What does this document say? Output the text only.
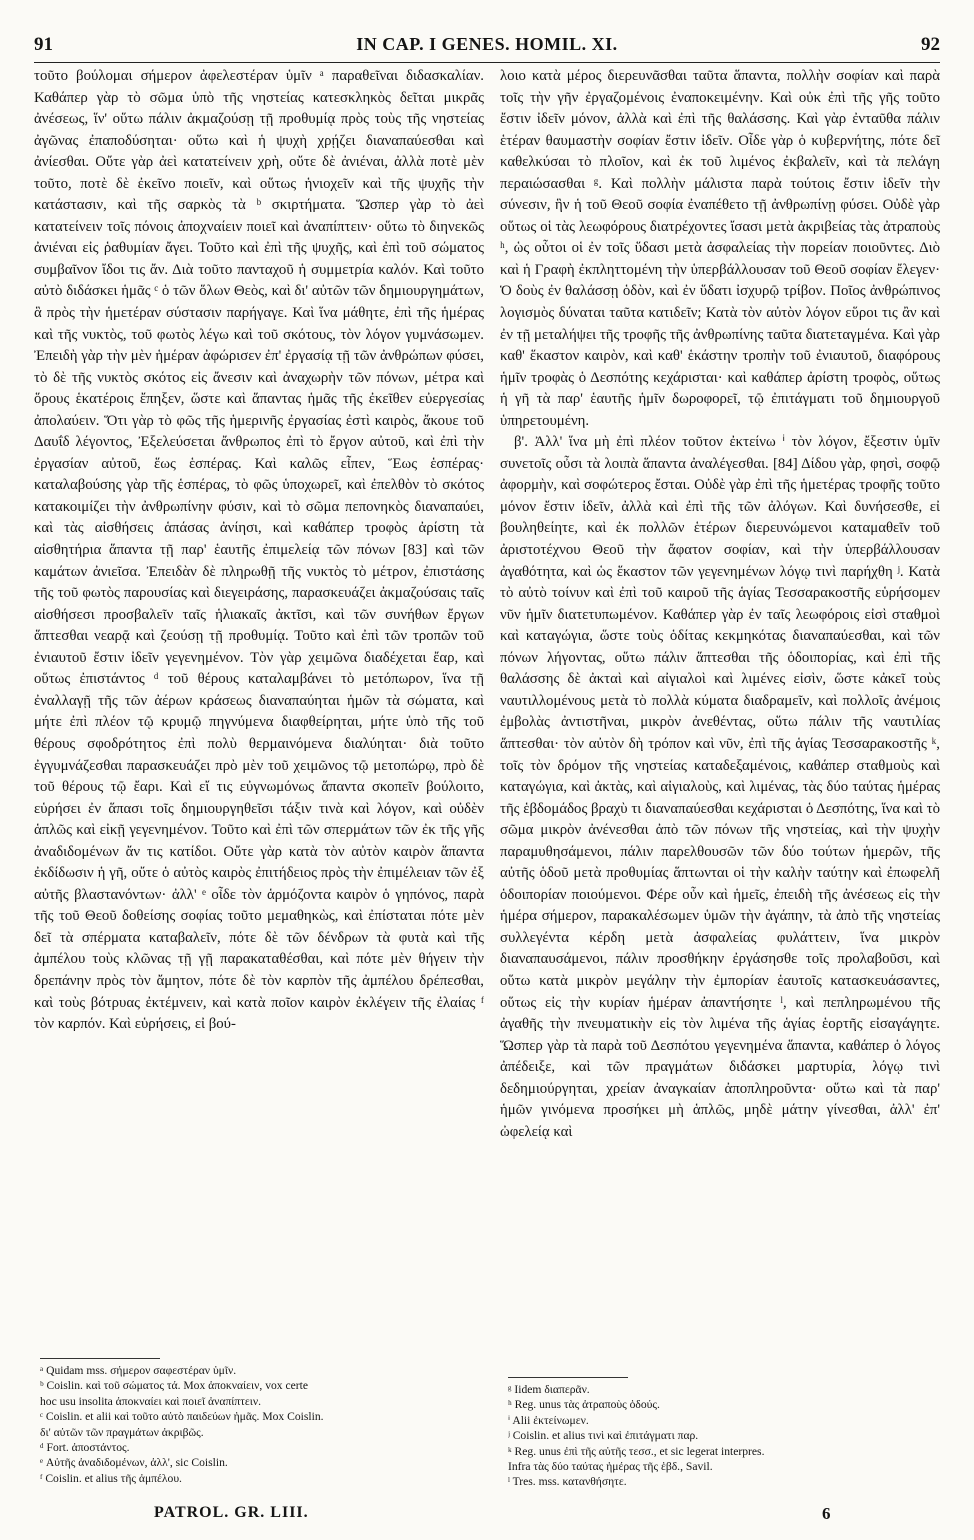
91	IN CAP. I GENES. HOMIL. XI.	92

τοῦτο βούλομαι σήμερον ἀφελεστέραν ὑμῖν ᵃ παραθεῖναι διδασκαλίαν. Καθάπερ γὰρ τὸ σῶμα ὑπὸ τῆς νηστείας κατεσκληκὸς δεῖται μικρᾶς ἀνέσεως, ἵν' οὕτω πάλιν ἀκμαζούσῃ τῇ προθυμίᾳ πρὸς τοὺς τῆς νηστείας ἀγῶνας ἐπαποδύσηται· οὕτω καὶ ἡ ψυχὴ χρῄζει διαναπαύεσθαι καὶ ἀνίεσθαι. Οὔτε γὰρ ἀεὶ κατατείνειν χρὴ, οὔτε δὲ ἀνιέναι, ἀλλὰ ποτὲ μὲν τοῦτο, ποτὲ δὲ ἐκεῖνο ποιεῖν, καὶ οὕτως ἡνιοχεῖν καὶ τῆς ψυχῆς τὴν κατάστασιν, καὶ τῆς σαρκὸς τὰ ᵇ σκιρτήματα. Ὥσπερ γὰρ τὸ ἀεὶ κατατείνειν τοῖς πόνοις ἀποχναίειν ποιεῖ καὶ ἀναπίπτειν· οὕτω τὸ διηνεκῶς ἀνιέναι εἰς ῥαθυμίαν ἄγει. Τοῦτο καὶ ἐπὶ τῆς ψυχῆς, καὶ ἐπὶ τοῦ σώματος συμβαῖνον ἴδοι τις ἄν. Διὰ τοῦτο πανταχοῦ ἡ συμμετρία καλόν. Καὶ τοῦτο αὐτὸ διδάσκει ἡμᾶς ᶜ ὁ τῶν ὅλων Θεὸς, καὶ δι' αὐτῶν τῶν δημιουργημάτων, ἃ πρὸς τὴν ἡμετέραν σύστασιν παρήγαγε. Καὶ ἵνα μάθητε, ἐπὶ τῆς ἡμέρας καὶ τῆς νυκτὸς, τοῦ φωτὸς λέγω καὶ τοῦ σκότους, τὸν λόγον γυμνάσωμεν. Ἐπειδὴ γὰρ τὴν μὲν ἡμέραν ἀφώρισεν ἐπ' ἐργασίᾳ τῇ τῶν ἀνθρώπων φύσει, τὸ δὲ τῆς νυκτὸς σκότος εἰς ἄνεσιν καὶ ἀναχωρὴν τῶν πόνων, μέτρα καὶ ὅρους ἑκατέροις ἔπηξεν, ὥστε καὶ ἅπαντας ἡμᾶς τῆς ἐκεῖθεν εὐεργεσίας ἀπολαύειν. Ὅτι γὰρ τὸ φῶς τῆς ἡμερινῆς ἐργασίας ἐστὶ καιρὸς, ἄκουε τοῦ Δαυΐδ λέγοντος, Ἐξελεύσεται ἄνθρωπος ἐπὶ τὸ ἔργον αὐτοῦ, καὶ ἐπὶ τὴν ἐργασίαν αὐτοῦ, ἕως ἑσπέρας. Καὶ καλῶς εἶπεν, Ἕως ἑσπέρας· καταλαβούσης γὰρ τῆς ἑσπέρας, τὸ φῶς ὑποχωρεῖ, καὶ ἐπελθὸν τὸ σκότος κατακοιμίζει τὴν ἀνθρωπίνην φύσιν, καὶ τὸ σῶμα πεπονηκὸς διαναπαύει, καὶ τὰς αἰσθήσεις ἁπάσας ἀνίησι, καὶ καθάπερ τροφὸς ἀρίστη τὰ αἰσθητήρια ἅπαντα τῇ παρ' ἑαυτῆς ἐπιμελείᾳ τῶν πόνων [83] καὶ τῶν καμάτων ἀνιεῖσα. Ἐπειδὰν δὲ πληρωθῇ τῆς νυκτὸς τὸ μέτρον, ἐπιστάσης τῆς τοῦ φωτὸς παρουσίας καὶ διεγειράσης, παρασκευάζει ἀκμαζούσαις ταῖς αἰσθήσεσι προσβαλεῖν ταῖς ἡλιακαῖς ἀκτῖσι, καὶ τῶν συνήθων ἔργων ἅπτεσθαι νεαρᾷ καὶ ζεούσῃ τῇ προθυμίᾳ. Τοῦτο καὶ ἐπὶ τῶν τροπῶν τοῦ ἐνιαυτοῦ ἔστιν ἰδεῖν γεγενημένον. Τὸν γὰρ χειμῶνα διαδέχεται ἔαρ, καὶ οὕτως ἐπιστάντος ᵈ τοῦ θέρους καταλαμβάνει τὸ μετόπωρον, ἵνα τῇ ἐναλλαγῇ τῆς τῶν ἀέρων κράσεως διαναπαύηται ἡμῶν τὰ σώματα, καὶ μήτε ἐπὶ πλέον τῷ κρυμῷ πηγνύμενα διαφθείρηται, μήτε ὑπὸ τῆς τοῦ θέρους σφοδρότητος ἐπὶ πολὺ θερμαινόμενα διαλύηται· διὰ τοῦτο ἐγγυμνάζεσθαι παρασκευάζει πρὸ μὲν τοῦ χειμῶνος τῷ μετοπώρῳ, πρὸ δὲ τοῦ θέρους τῷ ἔαρι. Καὶ εἴ τις εὐγνωμόνως ἅπαντα σκοπεῖν βούλοιτο, εὑρήσει ἐν ἅπασι τοῖς δημιουργηθεῖσι τάξιν τινὰ καὶ λόγον, καὶ οὐδὲν ἁπλῶς καὶ εἰκῇ γεγενημένον. Τοῦτο καὶ ἐπὶ τῶν σπερμάτων τῶν ἐκ τῆς γῆς ἀναδιδομένων ἄν τις κατίδοι. Οὔτε γὰρ κατὰ τὸν αὐτὸν καιρὸν ἅπαντα ἐκδίδωσιν ἡ γῆ, οὔτε ὁ αὐτὸς καιρὸς ἐπιτήδειος πρὸς τὴν ἐπιμέλειαν τῶν ἐξ αὐτῆς βλαστανόντων· ἀλλ' ᵉ οἶδε τὸν ἁρμόζοντα καιρὸν ὁ γηπόνος, παρὰ τῆς τοῦ Θεοῦ δοθείσης σοφίας τοῦτο μεμαθηκὼς, καὶ ἐπίσταται πότε μὲν δεῖ τὰ σπέρματα καταβαλεῖν, πότε δὲ τῶν δένδρων τὰ φυτὰ καὶ τῆς ἀμπέλου τοὺς κλῶνας τῇ γῇ παρακαταθέσθαι, καὶ πότε μὲν θήγειν τὴν δρεπάνην πρὸς τὸν ἄμητον, πότε δὲ τὸν καρπὸν τῆς ἀμπέλου δρέπεσθαι, καὶ τοὺς βότρυας ἐκτέμνειν, καὶ κατὰ ποῖον καιρὸν ἐκλέγειν τῆς ἐλαίας ᶠ τὸν καρπόν. Καὶ εὑρήσεις, εἰ βού-

λοιο κατὰ μέρος διερευνᾶσθαι ταῦτα ἅπαντα, πολλὴν σοφίαν καὶ παρὰ τοῖς τὴν γῆν ἐργαζομένοις ἐναποκειμένην. Καὶ οὐκ ἐπὶ τῆς γῆς τοῦτο ἔστιν ἰδεῖν μόνον, ἀλλὰ καὶ ἐπὶ τῆς θαλάσσης. Καὶ γὰρ ἐνταῦθα πάλιν ἑτέραν θαυμαστὴν σοφίαν ἔστιν ἰδεῖν. Οἶδε γὰρ ὁ κυβερνήτης, πότε δεῖ καθελκύσαι τὸ πλοῖον, καὶ ἐκ τοῦ λιμένος ἐκβαλεῖν, καὶ τὰ πελάγη περαιώσασθαι ᵍ. Καὶ πολλὴν μάλιστα παρὰ τούτοις ἔστιν ἰδεῖν τὴν σύνεσιν, ἣν ἡ τοῦ Θεοῦ σοφία ἐναπέθετο τῇ ἀνθρωπίνῃ φύσει. Οὐδὲ γὰρ οὕτως οἱ τὰς λεωφόρους διατρέχοντες ἴσασι μετὰ ἀκριβείας τὰς ἀτραποὺς ʰ, ὡς οὗτοι οἱ ἐν τοῖς ὕδασι μετὰ ἀσφαλείας τὴν πορείαν ποιοῦντες. Διὸ καὶ ἡ Γραφὴ ἐκπληττομένη τὴν ὑπερβάλλουσαν τοῦ Θεοῦ σοφίαν ἔλεγεν· Ὁ δοὺς ἐν θαλάσσῃ ὁδὸν, καὶ ἐν ὕδατι ἰσχυρῷ τρίβον. Ποῖος ἀνθρώπινος λογισμὸς δύναται ταῦτα κατιδεῖν; Κατὰ τὸν αὐτὸν λόγον εὕροι τις ἂν καὶ ἐν τῇ μεταλήψει τῆς τροφῆς τῆς ἀνθρωπίνης ταῦτα διατεταγμένα. Καὶ γὰρ καθ' ἕκαστον καιρὸν, καὶ καθ' ἑκάστην τροπὴν τοῦ ἐνιαυτοῦ, διαφόρους ἡμῖν τροφὰς ὁ Δεσπότης κεχάρισται· καὶ καθάπερ ἀρίστη τροφὸς, οὕτως ἡ γῆ τὰ παρ' ἑαυτῆς ἡμῖν δωροφορεῖ, τῷ ἐπιτάγματι τοῦ δημιουργοῦ ὑπηρετουμένη.

β'. Ἀλλ' ἵνα μὴ ἐπὶ πλέον τοῦτον ἐκτείνω ⁱ τὸν λόγον, ἔξεστιν ὑμῖν συνετοῖς οὖσι τὰ λοιπὰ ἅπαντα ἀναλέγεσθαι. [84] Δίδου γὰρ, φησὶ, σοφῷ ἀφορμὴν, καὶ σοφώτερος ἔσται. Οὐδὲ γὰρ ἐπὶ τῆς ἡμετέρας τροφῆς τοῦτο μόνον ἔστιν ἰδεῖν, ἀλλὰ καὶ ἐπὶ τῆς τῶν ἀλόγων. Καὶ δυνήσεσθε, εἰ βουληθείητε, καὶ ἐκ πολλῶν ἑτέρων διερευνώμενοι καταμαθεῖν τοῦ ἀριστοτέχνου Θεοῦ τὴν ἄφατον σοφίαν, καὶ τὴν ὑπερβάλλουσαν ἀγαθότητα, καὶ ὡς ἕκαστον τῶν γεγενημένων λόγῳ τινὶ παρήχθη ʲ. Κατὰ τὸ αὐτὸ τοίνυν καὶ ἐπὶ τοῦ καιροῦ τῆς ἁγίας Τεσσαρακοστῆς εὑρήσομεν νῦν ἡμῖν διατετυπωμένον. Καθάπερ γὰρ ἐν ταῖς λεωφόροις εἰσὶ σταθμοὶ καὶ καταγώγια, ὥστε τοὺς ὁδίτας κεκμηκότας διαναπαύεσθαι, καὶ τῶν πόνων λήγοντας, οὕτω πάλιν ἅπτεσθαι τῆς ὁδοιπορίας, καὶ ἐπὶ τῆς θαλάσσης δὲ ἀκταὶ καὶ αἰγιαλοὶ καὶ λιμένες εἰσὶν, ὥστε κἀκεῖ τοὺς ναυτιλλομένους μετὰ τὸ πολλὰ κύματα διαδραμεῖν, καὶ πολλοῖς ἀνέμοις ἐμβολὰς ἀντιστῆναι, μικρὸν ἀνεθέντας, οὕτω πάλιν τῆς ναυτιλίας ἅπτεσθαι· τὸν αὐτὸν δὴ τρόπον καὶ νῦν, ἐπὶ τῆς ἁγίας Τεσσαρακοστῆς ᵏ, τοῖς τὸν δρόμον τῆς νηστείας καταδεξαμένοις, καθάπερ σταθμοὺς καὶ καταγώγια, καὶ ἀκτὰς, καὶ αἰγιαλοὺς, καὶ λιμένας, τὰς δύο ταύτας ἡμέρας τῆς ἑβδομάδος βραχὺ τι διαναπαύεσθαι κεχάρισται ὁ Δεσπότης, ἵνα καὶ τὸ σῶμα μικρὸν ἀνένεσθαι ἀπὸ τῶν πόνων τῆς νηστείας, καὶ τὴν ψυχὴν παραμυθησάμενοι, πάλιν παρελθουσῶν τῶν δύο τούτων ἡμερῶν, τῆς αὐτῆς ὁδοῦ μετὰ προθυμίας ἅπτωνται οἱ τὴν καλὴν ταύτην καὶ ἐπωφελῆ ὁδοιπορίαν ποιούμενοι. Φέρε οὖν καὶ ἡμεῖς, ἐπειδὴ τῆς ἀνέσεως εἰς τὴν ἡμέρα σήμερον, παρακαλέσωμεν ὑμῶν τὴν ἀγάπην, τὰ ἀπὸ τῆς νηστείας συλλεγέντα κέρδη μετὰ ἀσφαλείας φυλάττειν, ἵνα μικρὸν διαναπαυσάμενοι, πάλιν προσθήκην ἐργάσησθε τοῖς προλαβοῦσι, καὶ οὕτω κατὰ μικρὸν μεγάλην τὴν ἐμπορίαν ἑαυτοῖς κατασκευάσαντες, οὕτως εἰς τὴν κυρίαν ἡμέραν ἀπαντήσητε ˡ, καὶ πεπληρωμένου τῆς ἀγαθῆς τὴν πνευματικὴν εἰς τὸν λιμένα τῆς ἁγίας ἑορτῆς εἰσαγάγητε. Ὥσπερ γὰρ τὰ παρὰ τοῦ Δεσπότου γεγενημένα ἅπαντα, καθάπερ ὁ λόγος ἀπέδειξε, καὶ τῶν πραγμάτων διδάσκει μαρτυρία, λόγῳ τινὶ δεδημιούργηται, χρείαν ἀναγκαίαν ἀποπληροῦντα· οὕτω καὶ τὰ παρ' ἡμῶν γινόμενα προσήκει μὴ ἁπλῶς, μηδὲ μάτην γίνεσθαι, ἀλλ' ἐπ' ὠφελείᾳ καὶ

ᵃ Quidam mss. σήμερον σαφεστέραν ὑμῖν.
ᵇ Coislin. καὶ τοῦ σώματος τά. Mox ἀποκναίειν, vox certe
hoc usu insolita ἀποκναίει καὶ ποιεῖ ἀναπίπτειν.
ᶜ Coislin. et alii καὶ τοῦτο αὐτὸ παιδεύων ἡμᾶς. Mox Coislin.
δι' αὐτῶν τῶν πραγμάτων ἀκριβῶς.
ᵈ Fort. ἀποστάντος.
ᵉ Αὐτῆς ἀναδιδομένων, ἀλλ', sic Coislin.
ᶠ Coislin. et alius τῆς ἀμπέλου.
ᵍ Iidem διαπερᾶν.
ʰ Reg. unus τὰς ἀτραποὺς ὁδούς.
ⁱ Alii ἐκτείνωμεν.
ʲ Coislin. et alius τινὶ καὶ ἐπιτάγματι παρ.
ᵏ Reg. unus ἐπὶ τῆς αὐτῆς τεσσ., et sic legerat interpres.
Infra τὰς δύο ταύτας ἡμέρας τῆς ἑβδ., Savil.
ˡ Tres. mss. κατανθήσητε.
PATROL. GR. LIII.	6
